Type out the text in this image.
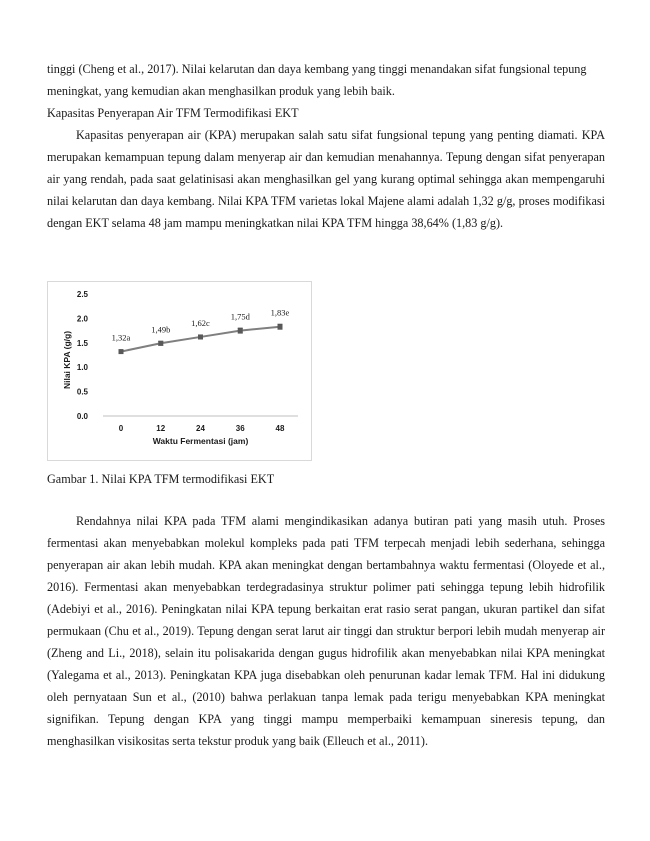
tinggi (Cheng et al., 2017). Nilai kelarutan dan daya kembang yang tinggi menandakan sifat fungsional tepung meningkat, yang kemudian akan menghasilkan produk yang lebih baik.

Kapasitas Penyerapan Air TFM Termodifikasi EKT

Kapasitas penyerapan air (KPA) merupakan salah satu sifat fungsional tepung yang penting diamati. KPA merupakan kemampuan tepung dalam menyerap air dan kemudian menahannya. Tepung dengan sifat penyerapan air yang rendah, pada saat gelatinisasi akan menghasilkan gel yang kurang optimal sehingga akan mempengaruhi nilai kelarutan dan daya kembang. Nilai KPA TFM varietas lokal Majene alami adalah 1,32 g/g, proses modifikasi dengan EKT selama 48 jam mampu meningkatkan nilai KPA TFM hingga 38,64% (1,83 g/g).

0.0
0.5
1.0
1.5
2.0
2.5
0	12	24	36	48
Waktu Fermentasi (jam)
Nilai KPA (g/g)	1,32a
1,49b
1,62c
1,75d 1,83e

Gambar 1. Nilai KPA TFM termodifikasi EKT

Rendahnya nilai KPA pada TFM alami mengindikasikan adanya butiran pati yang masih utuh. Proses fermentasi akan menyebabkan molekul kompleks pada pati TFM terpecah menjadi lebih sederhana, sehingga penyerapan air akan lebih mudah. KPA akan meningkat dengan bertambahnya waktu fermentasi (Oloyede et al., 2016). Fermentasi akan menyebabkan terdegradasinya struktur polimer pati sehingga tepung lebih hidrofilik (Adebiyi et al., 2016). Peningkatan nilai KPA tepung berkaitan erat rasio serat pangan, ukuran partikel dan sifat permukaan (Chu et al., 2019). Tepung dengan serat larut air tinggi dan struktur berpori lebih mudah menyerap air (Zheng and Li., 2018), selain itu polisakarida dengan gugus hidrofilik akan menyebabkan nilai KPA meningkat (Yalegama et al., 2013). Peningkatan KPA juga disebabkan oleh penurunan kadar lemak TFM. Hal ini didukung oleh pernyataan Sun et al., (2010) bahwa perlakuan tanpa lemak pada terigu menyebabkan KPA meningkat signifikan. Tepung dengan KPA yang tinggi mampu memperbaiki kemampuan sineresis tepung, dan menghasilkan visikositas serta tekstur produk yang baik (Elleuch et al., 2011).
